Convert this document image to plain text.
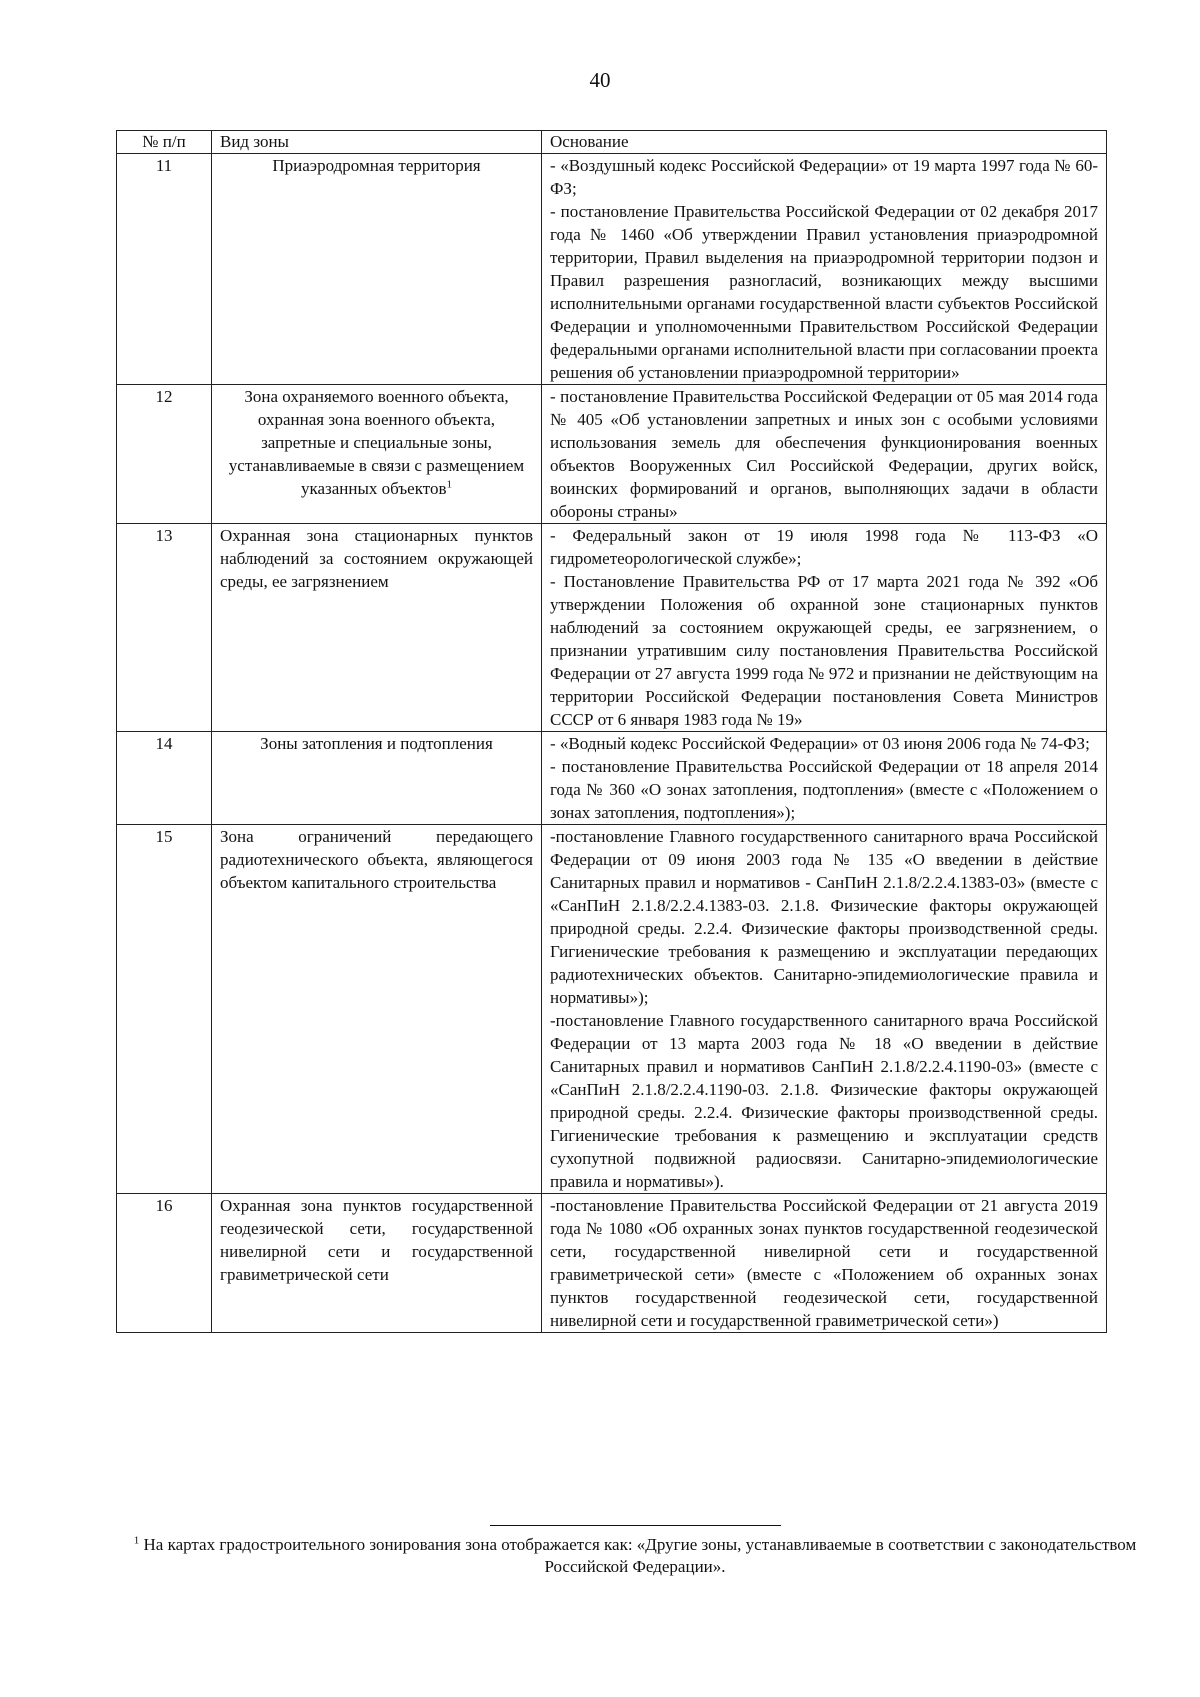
40
№ п/п	Вид зоны	Основание
11	Приаэродромная территория	- «Воздушный кодекс Российской Федерации» от 19 марта 1997 года № 60-ФЗ;

- постановление Правительства Российской Федерации от 02 декабря 2017 года № 1460 «Об утверждении Правил установления приаэродромной территории, Правил выделения на приаэродромной территории подзон и Правил разрешения разногласий, возникающих между высшими исполнительными органами государственной власти субъектов Российской Федерации и уполномоченными Правительством Российской Федерации федеральными органами исполнительной власти при согласовании проекта решения об установлении приаэродромной территории»

12	Зона охраняемого военного объекта, охранная зона военного объекта, запретные и специальные зоны, устанавливаемые в связи с размещением указанных объектов$^1$	- постановление Правительства Российской Федерации от 05 мая 2014 года № 405 «Об установлении запретных и иных зон с особыми условиями использования земель для обеспечения функционирования военных объектов Вооруженных Сил Российской Федерации, других войск, воинских формирований и органов, выполняющих задачи в области обороны страны»

13	Охранная зона стационарных пунктов наблюдений за состоянием окружающей среды, ее загрязнением	- Федеральный закон от 19 июля 1998 года № 113-ФЗ «О гидрометеорологической службе»;

- Постановление Правительства РФ от 17 марта 2021 года № 392 «Об утверждении Положения об охранной зоне стационарных пунктов наблюдений за состоянием окружающей среды, ее загрязнением, о признании утратившим силу постановления Правительства Российской Федерации от 27 августа 1999 года № 972 и признании не действующим на территории Российской Федерации постановления Совета Министров СССР от 6 января 1983 года № 19»

14	Зоны затопления и подтопления	- «Водный кодекс Российской Федерации» от 03 июня 2006 года № 74-ФЗ;

- постановление Правительства Российской Федерации от 18 апреля 2014 года № 360 «О зонах затопления, подтопления» (вместе с «Положением о зонах затопления, подтопления»);

15	Зона ограничений передающего радиотехнического объекта, являющегося объектом капитального строительства	-постановление Главного государственного санитарного врача Российской Федерации от 09 июня 2003 года № 135 «О введении в действие Санитарных правил и нормативов - СанПиН 2.1.8/2.2.4.1383-03» (вместе с «СанПиН 2.1.8/2.2.4.1383-03. 2.1.8. Физические факторы окружающей природной среды. 2.2.4. Физические факторы производственной среды. Гигиенические требования к размещению и эксплуатации передающих радиотехнических объектов. Санитарно-эпидемиологические правила и нормативы»);

-постановление Главного государственного санитарного врача Российской Федерации от 13 марта 2003 года № 18 «О введении в действие Санитарных правил и нормативов СанПиН 2.1.8/2.2.4.1190-03» (вместе с «СанПиН 2.1.8/2.2.4.1190-03. 2.1.8. Физические факторы окружающей природной среды. 2.2.4. Физические факторы производственной среды. Гигиенические требования к размещению и эксплуатации средств сухопутной подвижной радиосвязи. Санитарно-эпидемиологические правила и нормативы»).

16	Охранная зона пунктов государственной геодезической сети, государственной нивелирной сети и государственной гравиметрической сети	-постановление Правительства Российской Федерации от 21 августа 2019 года № 1080 «Об охранных зонах пунктов государственной геодезической сети, государственной нивелирной сети и государственной гравиметрической сети» (вместе с «Положением об охранных зонах пунктов государственной геодезической сети, государственной нивелирной сети и государственной гравиметрической сети»)

$^1$ На картах градостроительного зонирования зона отображается как: «Другие зоны, устанавливаемые в соответствии с законодательством Российской Федерации».
